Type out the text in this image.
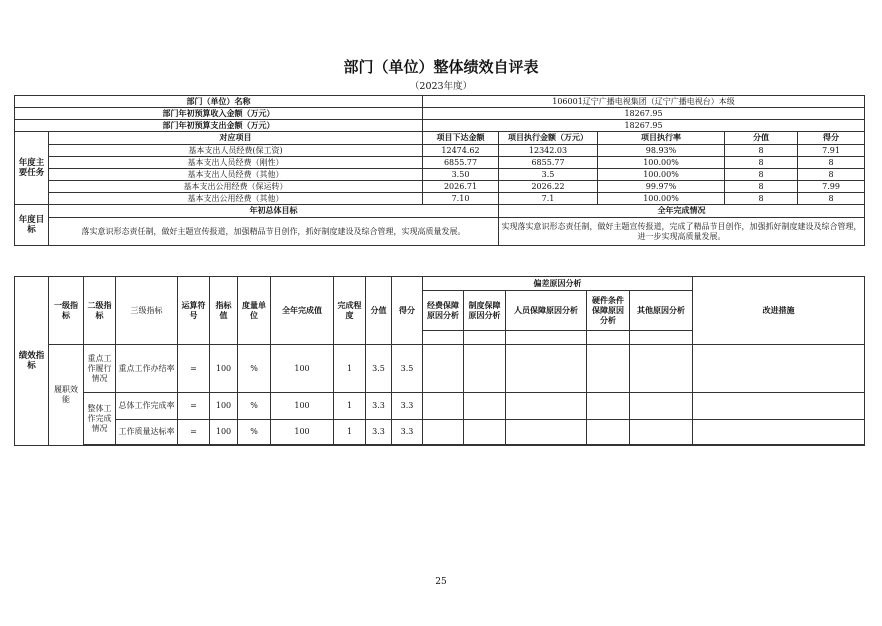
部门（单位）整体绩效自评表
（2023年度）
部门（单位）名称		106001辽宁广播电视集团（辽宁广播电视台）本级				
部门年初预算收入金额（万元）		18267.95				
部门年初预算支出金额（万元）		18267.95				
年度主要任务	对应项目	项目下达金额	项目执行金额（万元）	项目执行率	分值	得分
	基本支出人员经费(保工资)	12474.62	12342.03	98.93%	8	7.91
	基本支出人员经费（刚性）	6855.77	6855.77	100.00%	8	8
	基本支出人员经费（其他）	3.50	3.5	100.00%	8	8
	基本支出公用经费（保运转）	2026.71	2026.22	99.97%	8	7.99
	基本支出公用经费（其他）	7.10	7.1	100.00%	8	8
年度目标	年初总体目标		全年完成情况			
	落实意识形态责任制，做好主题宣传报道，加强精品节目创作，抓好制度建设及综合管理，实现高质量发展。		实现落实意识形态责任制，做好主题宣传报道，完成了精品节目创作，加强抓好制度建设及综合管理，进一步实现高质量发展。			
绩效指标	一级指标	二级指标	三级指标	运算符号	指标值	度量单位	全年完成值	完成程度	分值	得分	偏差原因分析					改进措施
											经费保障原因分析	制度保障原因分析	人员保障原因分析	硬件条件保障原因分析	其他原因分析	

	履职效能	重点工作履行情况	重点工作办结率	=	100	%	100	1	3.5	3.5						
		整体工作完成情况	总体工作完成率	=	100	%	100	1	3.3	3.3						
			工作质量达标率	=	100	%	100	1	3.3	3.3						

25
